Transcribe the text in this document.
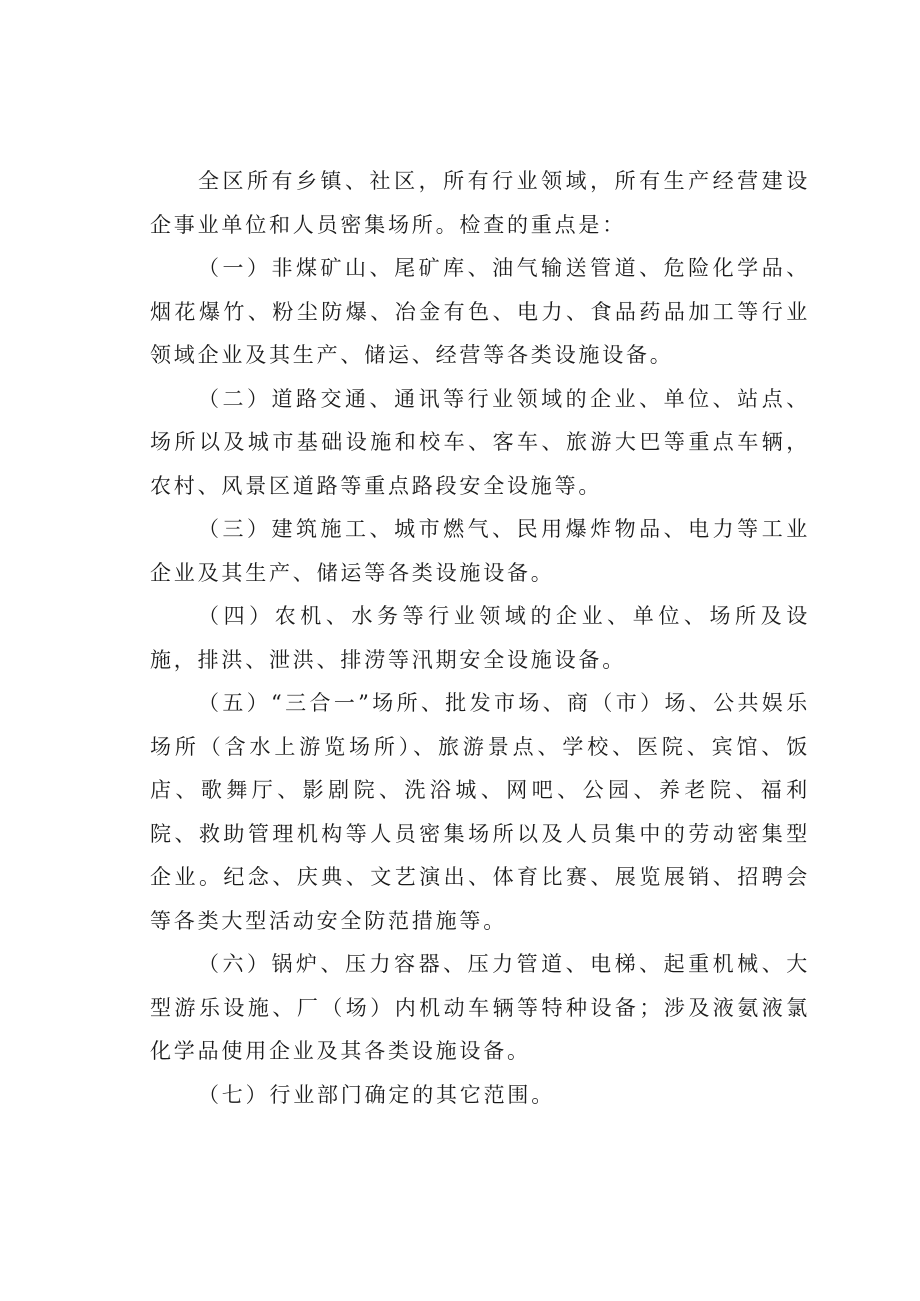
全区所有乡镇、社区，所有行业领域，所有生产经营建设企事业单位和人员密集场所。检查的重点是：

（一）非煤矿山、尾矿库、油气输送管道、危险化学品、烟花爆竹、粉尘防爆、冶金有色、电力、食品药品加工等行业领域企业及其生产、储运、经营等各类设施设备。

（二）道路交通、通讯等行业领域的企业、单位、站点、场所以及城市基础设施和校车、客车、旅游大巴等重点车辆，农村、风景区道路等重点路段安全设施等。

（三）建筑施工、城市燃气、民用爆炸物品、电力等工业企业及其生产、储运等各类设施设备。

（四）农机、水务等行业领域的企业、单位、场所及设施，排洪、泄洪、排涝等汛期安全设施设备。

（五）“三合一”场所、批发市场、商（市）场、公共娱乐场所（含水上游览场所）、旅游景点、学校、医院、宾馆、饭店、歌舞厅、影剧院、洗浴城、网吧、公园、养老院、福利院、救助管理机构等人员密集场所以及人员集中的劳动密集型企业。纪念、庆典、文艺演出、体育比赛、展览展销、招聘会等各类大型活动安全防范措施等。

（六）锅炉、压力容器、压力管道、电梯、起重机械、大型游乐设施、厂（场）内机动车辆等特种设备；涉及液氨液氯化学品使用企业及其各类设施设备。

（七）行业部门确定的其它范围。
